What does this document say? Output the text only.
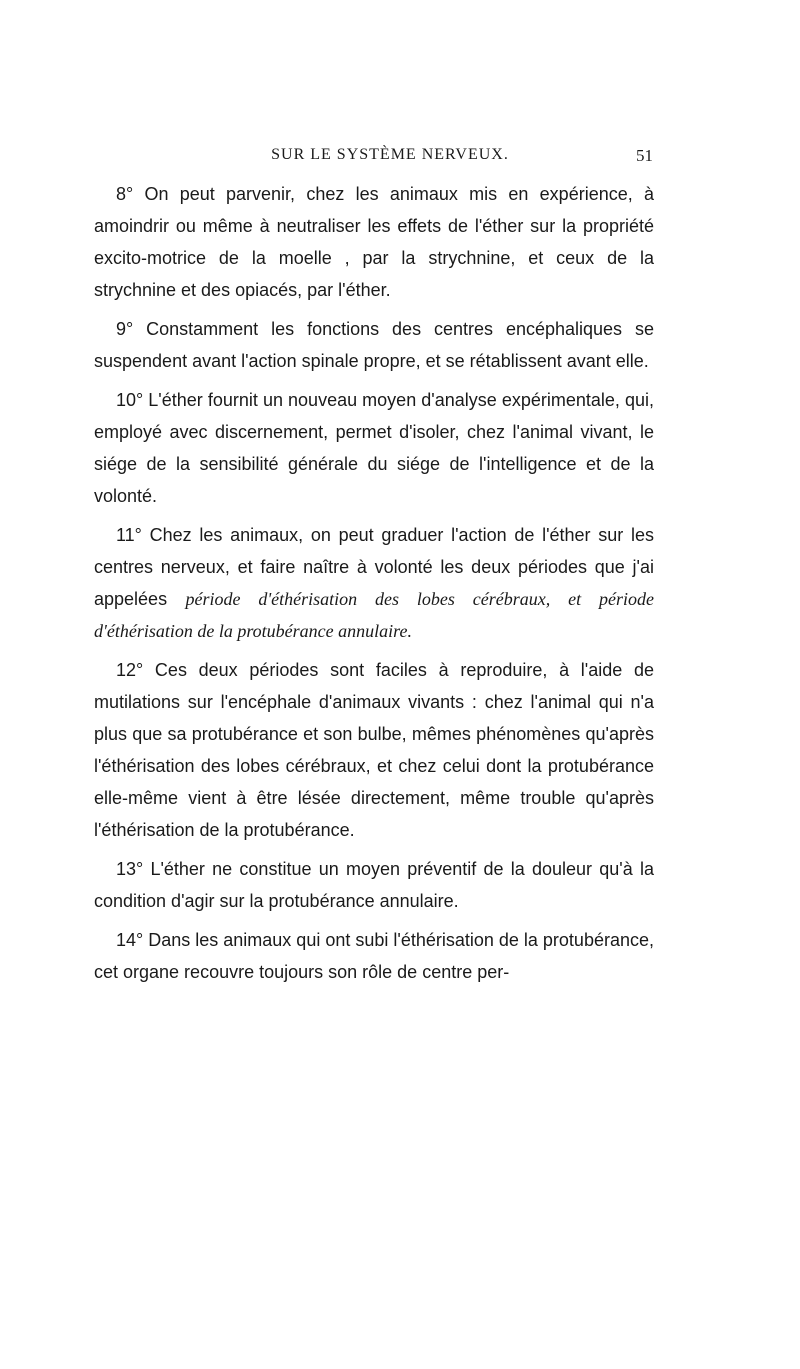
SUR LE SYSTÈME NERVEUX.	51

8° On peut parvenir, chez les animaux mis en expérience, à amoindrir ou même à neutraliser les effets de l'éther sur la propriété excito-motrice de la moelle , par la strychnine, et ceux de la strychnine et des opiacés, par l'éther.

9° Constamment les fonctions des centres encéphaliques se suspendent avant l'action spinale propre, et se rétablissent avant elle.

10° L'éther fournit un nouveau moyen d'analyse expérimentale, qui, employé avec discernement, permet d'isoler, chez l'animal vivant, le siége de la sensibilité générale du siége de l'intelligence et de la volonté.

11° Chez les animaux, on peut graduer l'action de l'éther sur les centres nerveux, et faire naître à volonté les deux périodes que j'ai appelées période d'éthérisation des lobes cérébraux, et période d'éthérisation de la protubérance annulaire.

12° Ces deux périodes sont faciles à reproduire, à l'aide de mutilations sur l'encéphale d'animaux vivants : chez l'animal qui n'a plus que sa protubérance et son bulbe, mêmes phénomènes qu'après l'éthérisation des lobes cérébraux, et chez celui dont la protubérance elle-même vient à être lésée directement, même trouble qu'après l'éthérisation de la protubérance.

13° L'éther ne constitue un moyen préventif de la douleur qu'à la condition d'agir sur la protubérance annulaire.

14° Dans les animaux qui ont subi l'éthérisation de la protubérance, cet organe recouvre toujours son rôle de centre per-
